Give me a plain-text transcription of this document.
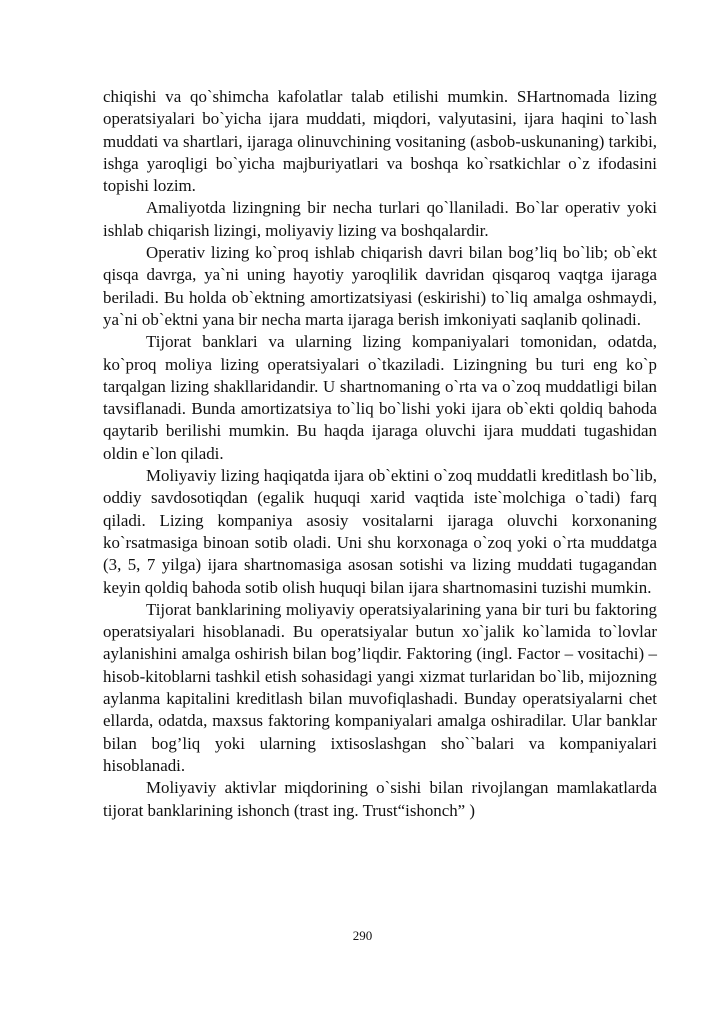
chiqishi va qo`shimcha kafolatlar talab etilishi mumkin. SHartnomada lizing operatsiyalari bo`yicha ijara muddati, miqdori, valyutasini, ijara haqini to`lash muddati va shartlari, ijaraga olinuvchining vositaning (asbob-uskunaning) tarkibi, ishga yaroqligi bo`yicha majburiyatlari va boshqa ko`rsatkichlar o`z ifodasini topishi lozim.

Amaliyotda lizingning bir necha turlari qo`llaniladi. Bo`lar operativ yoki ishlab chiqarish lizingi, moliyaviy lizing va boshqalardir.

Operativ lizing ko`proq ishlab chiqarish davri bilan bog’liq bo`lib; ob`ekt qisqa davrga, ya`ni uning hayotiy yaroqlilik davridan qisqaroq vaqtga ijaraga beriladi. Bu holda ob`ektning amortizatsiyasi (eskirishi) to`liq amalga oshmaydi, ya`ni ob`ektni yana bir necha marta ijaraga berish imkoniyati saqlanib qolinadi.

Tijorat banklari va ularning lizing kompaniyalari tomonidan, odatda, ko`proq moliya lizing operatsiyalari o`tkaziladi. Lizingning bu turi eng ko`p tarqalgan lizing shakllaridandir. U shartnomaning o`rta va o`zoq muddatligi bilan tavsiflanadi. Bunda amortizatsiya to`liq bo`lishi yoki ijara ob`ekti qoldiq bahoda qaytarib berilishi mumkin. Bu haqda ijaraga oluvchi ijara muddati tugashidan oldin e`lon qiladi.

Moliyaviy lizing haqiqatda ijara ob`ektini o`zoq muddatli kreditlash bo`lib, oddiy savdosotiqdan (egalik huquqi xarid vaqtida iste`molchiga o`tadi) farq qiladi. Lizing kompaniya asosiy vositalarni ijaraga oluvchi korxonaning ko`rsatmasiga binoan sotib oladi. Uni shu korxonaga o`zoq yoki o`rta muddatga (3, 5, 7 yilga) ijara shartnomasiga asosan sotishi va lizing muddati tugagandan keyin qoldiq bahoda sotib olish huquqi bilan ijara shartnomasini tuzishi mumkin.

Tijorat banklarining moliyaviy operatsiyalarining yana bir turi bu faktoring operatsiyalari hisoblanadi. Bu operatsiyalar butun xo`jalik ko`lamida to`lovlar aylanishini amalga oshirish bilan bog’liqdir. Faktoring (ingl. Factor – vositachi) – hisob-kitoblarni tashkil etish sohasidagi yangi xizmat turlaridan bo`lib, mijozning aylanma kapitalini kreditlash bilan muvofiqlashadi. Bunday operatsiyalarni chet ellarda, odatda, maxsus faktoring kompaniyalari amalga oshiradilar. Ular banklar bilan bog’liq yoki ularning ixtisoslashgan sho``balari va kompaniyalari hisoblanadi.

Moliyaviy aktivlar miqdorining o`sishi bilan rivojlangan mamlakatlarda tijorat banklarining ishonch (trast ing. Trust“ishonch” )

290
